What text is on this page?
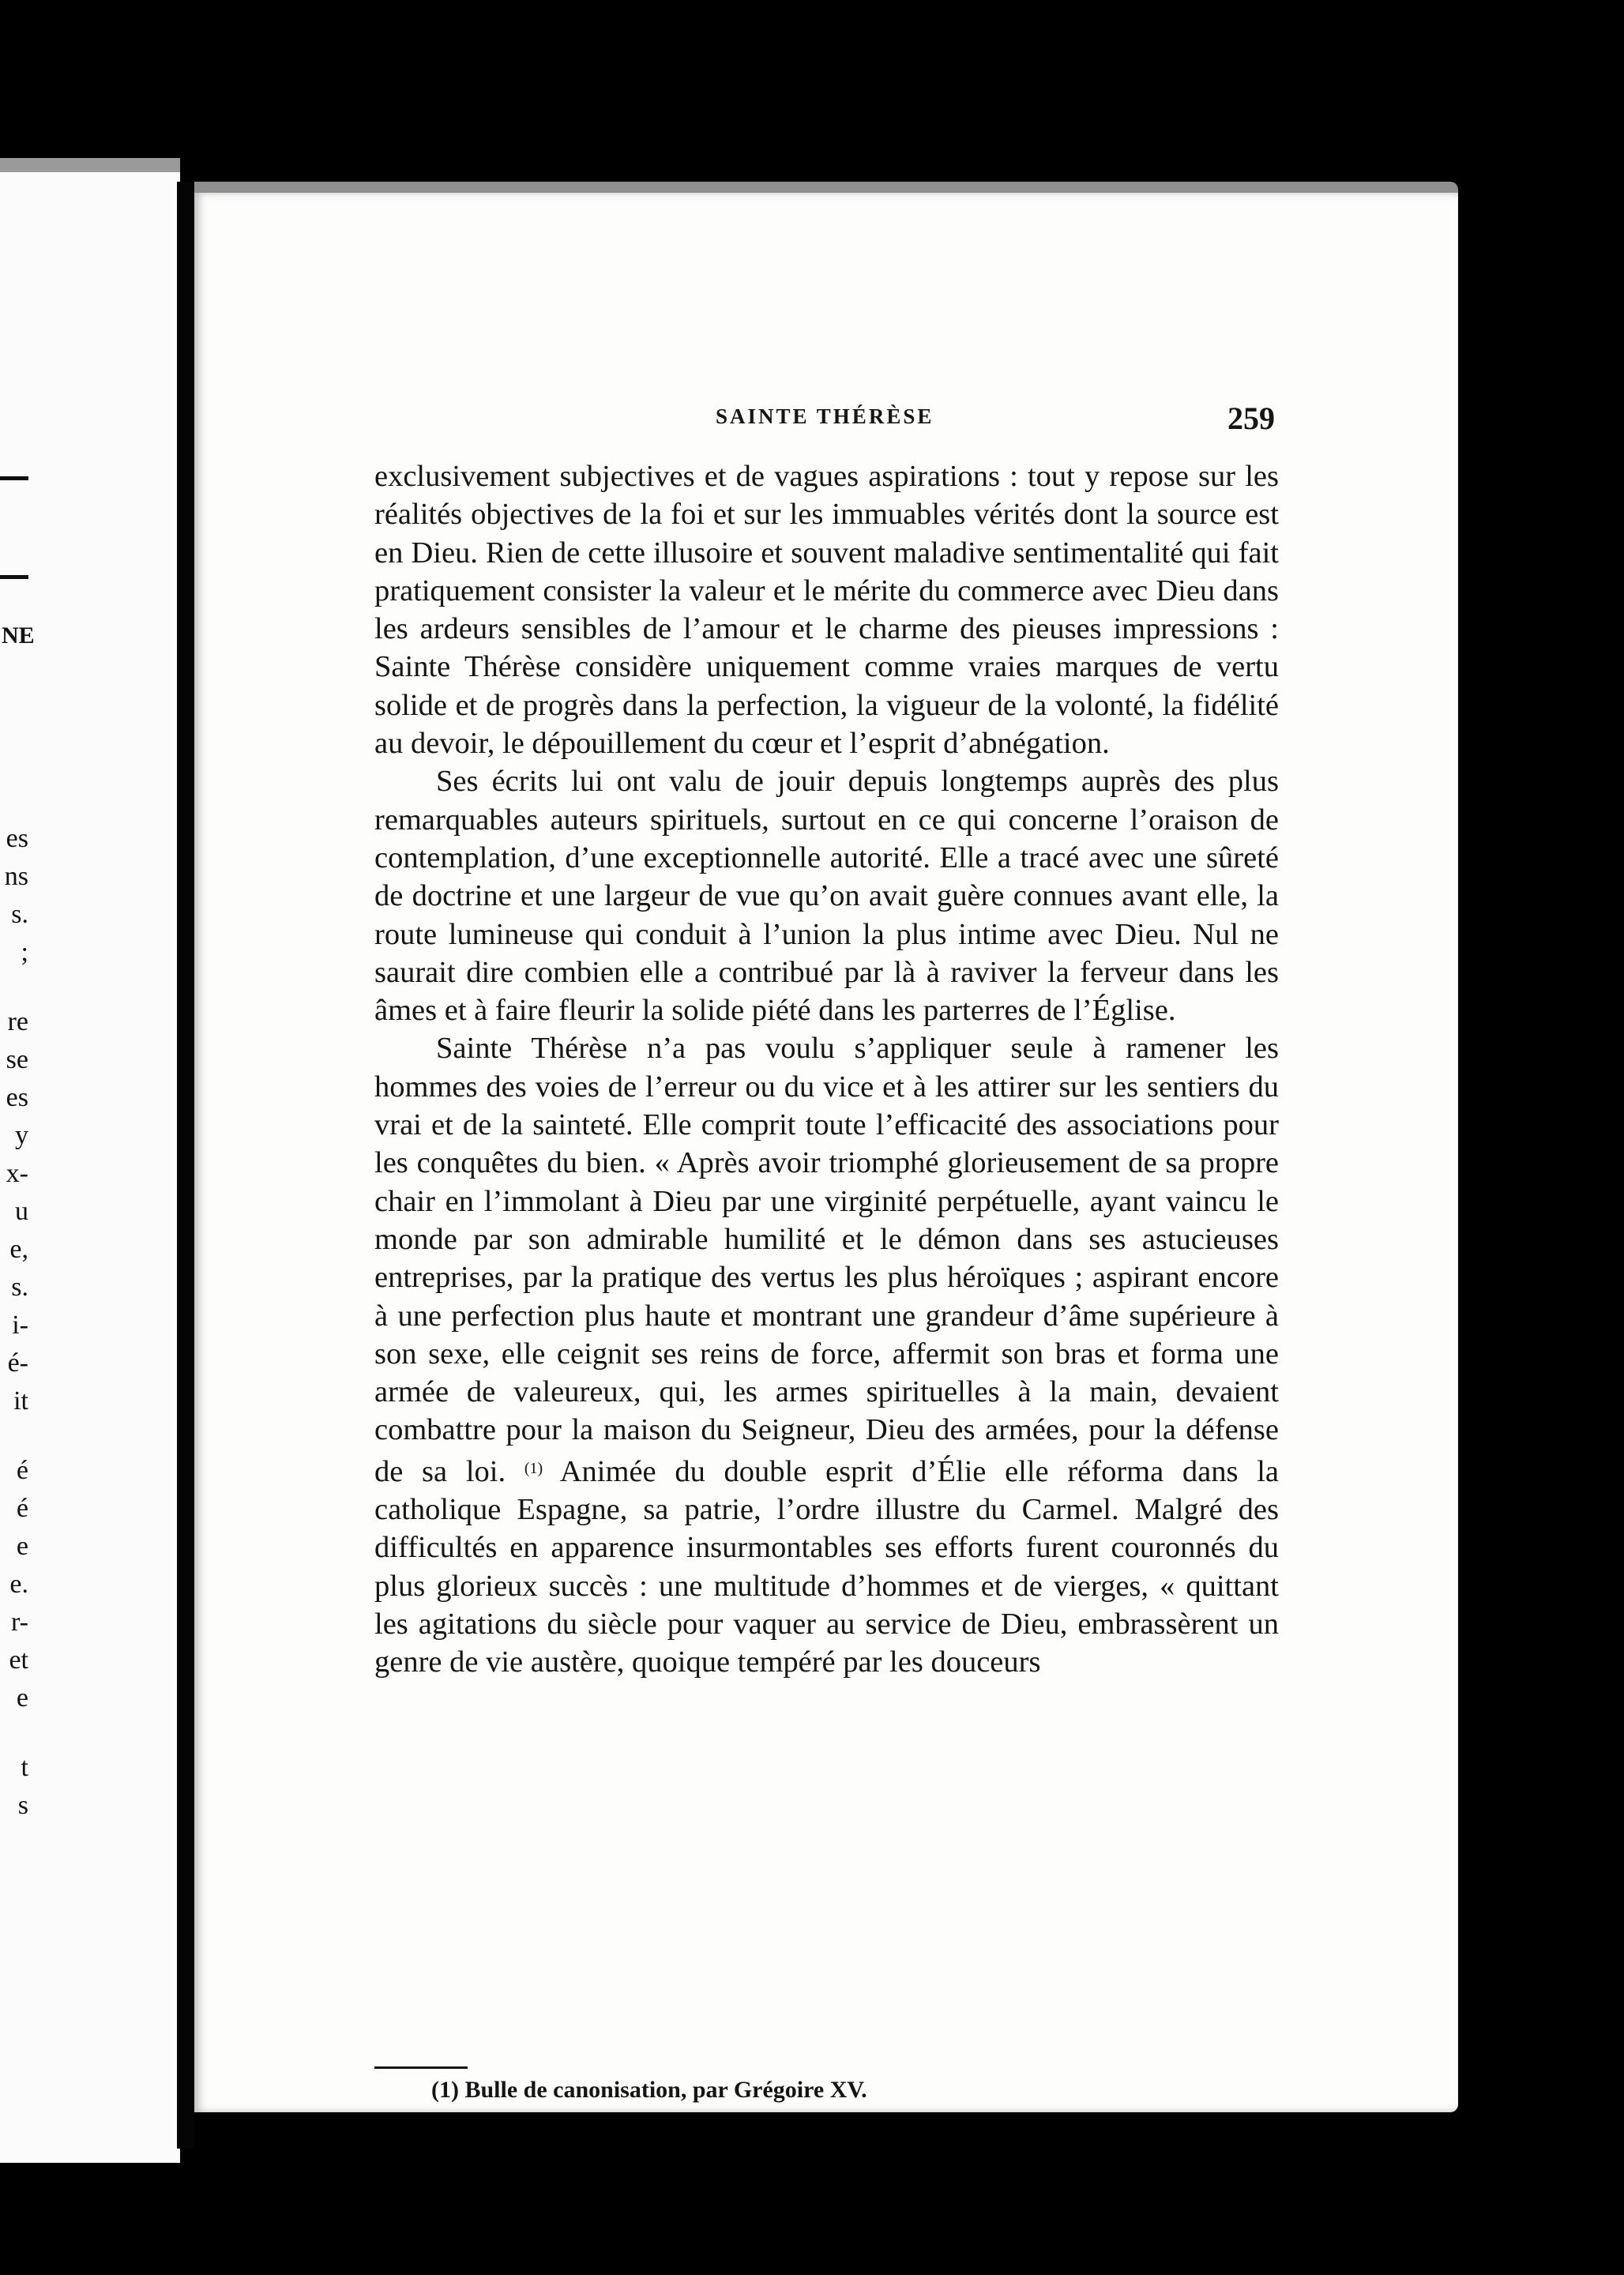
NE
es
ns
s.
;
re
se
es
y
x-
u
e,
s.
i-
é-
it
é
é
e
e.
r-
et
e
t
s
SAINTE THÉRÈSE	259

exclusivement subjectives et de vagues aspirations : tout y repose sur les réalités objectives de la foi et sur les immuables vérités dont la source est en Dieu. Rien de cette illusoire et souvent maladive sentimentalité qui fait pratiquement consister la valeur et le mérite du commerce avec Dieu dans les ardeurs sensibles de l’amour et le charme des pieuses impressions : Sainte Thérèse considère uniquement comme vraies marques de vertu solide et de progrès dans la perfection, la vigueur de la volonté, la fidélité au devoir, le dépouillement du cœur et l’esprit d’abnégation.

Ses écrits lui ont valu de jouir depuis longtemps auprès des plus remarquables auteurs spirituels, surtout en ce qui concerne l’oraison de contemplation, d’une exceptionnelle autorité. Elle a tracé avec une sûreté de doctrine et une largeur de vue qu’on avait guère connues avant elle, la route lumineuse qui conduit à l’union la plus intime avec Dieu. Nul ne saurait dire combien elle a contribué par là à raviver la ferveur dans les âmes et à faire fleurir la solide piété dans les parterres de l’Église.

Sainte Thérèse n’a pas voulu s’appliquer seule à ramener les hommes des voies de l’erreur ou du vice et à les attirer sur les sentiers du vrai et de la sainteté. Elle comprit toute l’efficacité des associations pour les conquêtes du bien. « Après avoir triomphé glorieusement de sa propre chair en l’immolant à Dieu par une virginité perpétuelle, ayant vaincu le monde par son admirable humilité et le démon dans ses astucieuses entreprises, par la pratique des vertus les plus héroïques ; aspirant encore à une perfection plus haute et montrant une grandeur d’âme supérieure à son sexe, elle ceignit ses reins de force, affermit son bras et forma une armée de valeureux, qui, les armes spirituelles à la main, devaient combattre pour la maison du Seigneur, Dieu des armées, pour la défense de sa loi. $^{(1)}$ Animée du double esprit d’Élie elle réforma dans la catholique Espagne, sa patrie, l’ordre illustre du Carmel. Malgré des difficultés en apparence insurmontables ses efforts furent couronnés du plus glorieux succès : une multitude d’hommes et de vierges, « quittant les agitations du siècle pour vaquer au service de Dieu, embrassèrent un genre de vie austère, quoique tempéré par les douceurs

(1) Bulle de canonisation, par Grégoire XV.
